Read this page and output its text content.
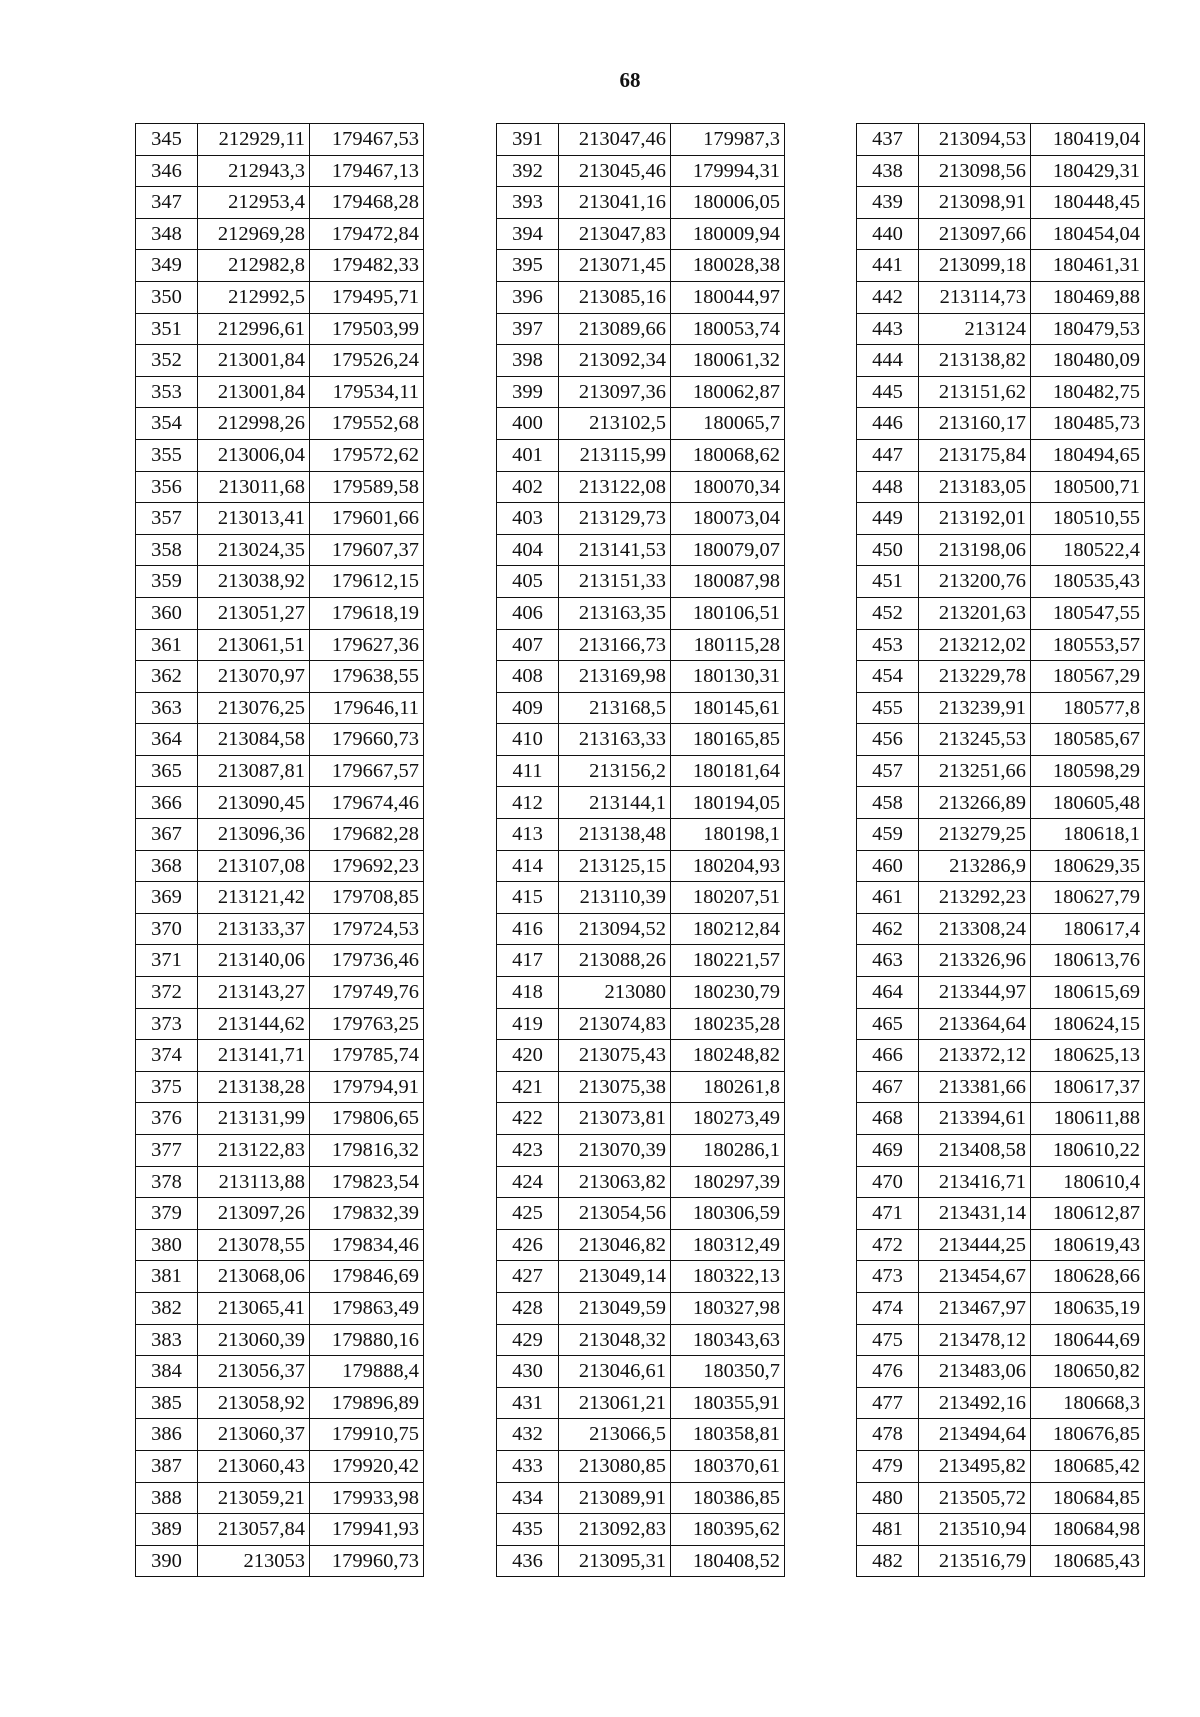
68
345	212929,11	179467,53
346	212943,3	179467,13
347	212953,4	179468,28
348	212969,28	179472,84
349	212982,8	179482,33
350	212992,5	179495,71
351	212996,61	179503,99
352	213001,84	179526,24
353	213001,84	179534,11
354	212998,26	179552,68
355	213006,04	179572,62
356	213011,68	179589,58
357	213013,41	179601,66
358	213024,35	179607,37
359	213038,92	179612,15
360	213051,27	179618,19
361	213061,51	179627,36
362	213070,97	179638,55
363	213076,25	179646,11
364	213084,58	179660,73
365	213087,81	179667,57
366	213090,45	179674,46
367	213096,36	179682,28
368	213107,08	179692,23
369	213121,42	179708,85
370	213133,37	179724,53
371	213140,06	179736,46
372	213143,27	179749,76
373	213144,62	179763,25
374	213141,71	179785,74
375	213138,28	179794,91
376	213131,99	179806,65
377	213122,83	179816,32
378	213113,88	179823,54
379	213097,26	179832,39
380	213078,55	179834,46
381	213068,06	179846,69
382	213065,41	179863,49
383	213060,39	179880,16
384	213056,37	179888,4
385	213058,92	179896,89
386	213060,37	179910,75
387	213060,43	179920,42
388	213059,21	179933,98
389	213057,84	179941,93
390	213053	179960,73
391	213047,46	179987,3
392	213045,46	179994,31
393	213041,16	180006,05
394	213047,83	180009,94
395	213071,45	180028,38
396	213085,16	180044,97
397	213089,66	180053,74
398	213092,34	180061,32
399	213097,36	180062,87
400	213102,5	180065,7
401	213115,99	180068,62
402	213122,08	180070,34
403	213129,73	180073,04
404	213141,53	180079,07
405	213151,33	180087,98
406	213163,35	180106,51
407	213166,73	180115,28
408	213169,98	180130,31
409	213168,5	180145,61
410	213163,33	180165,85
411	213156,2	180181,64
412	213144,1	180194,05
413	213138,48	180198,1
414	213125,15	180204,93
415	213110,39	180207,51
416	213094,52	180212,84
417	213088,26	180221,57
418	213080	180230,79
419	213074,83	180235,28
420	213075,43	180248,82
421	213075,38	180261,8
422	213073,81	180273,49
423	213070,39	180286,1
424	213063,82	180297,39
425	213054,56	180306,59
426	213046,82	180312,49
427	213049,14	180322,13
428	213049,59	180327,98
429	213048,32	180343,63
430	213046,61	180350,7
431	213061,21	180355,91
432	213066,5	180358,81
433	213080,85	180370,61
434	213089,91	180386,85
435	213092,83	180395,62
436	213095,31	180408,52
437	213094,53	180419,04
438	213098,56	180429,31
439	213098,91	180448,45
440	213097,66	180454,04
441	213099,18	180461,31
442	213114,73	180469,88
443	213124	180479,53
444	213138,82	180480,09
445	213151,62	180482,75
446	213160,17	180485,73
447	213175,84	180494,65
448	213183,05	180500,71
449	213192,01	180510,55
450	213198,06	180522,4
451	213200,76	180535,43
452	213201,63	180547,55
453	213212,02	180553,57
454	213229,78	180567,29
455	213239,91	180577,8
456	213245,53	180585,67
457	213251,66	180598,29
458	213266,89	180605,48
459	213279,25	180618,1
460	213286,9	180629,35
461	213292,23	180627,79
462	213308,24	180617,4
463	213326,96	180613,76
464	213344,97	180615,69
465	213364,64	180624,15
466	213372,12	180625,13
467	213381,66	180617,37
468	213394,61	180611,88
469	213408,58	180610,22
470	213416,71	180610,4
471	213431,14	180612,87
472	213444,25	180619,43
473	213454,67	180628,66
474	213467,97	180635,19
475	213478,12	180644,69
476	213483,06	180650,82
477	213492,16	180668,3
478	213494,64	180676,85
479	213495,82	180685,42
480	213505,72	180684,85
481	213510,94	180684,98
482	213516,79	180685,43
